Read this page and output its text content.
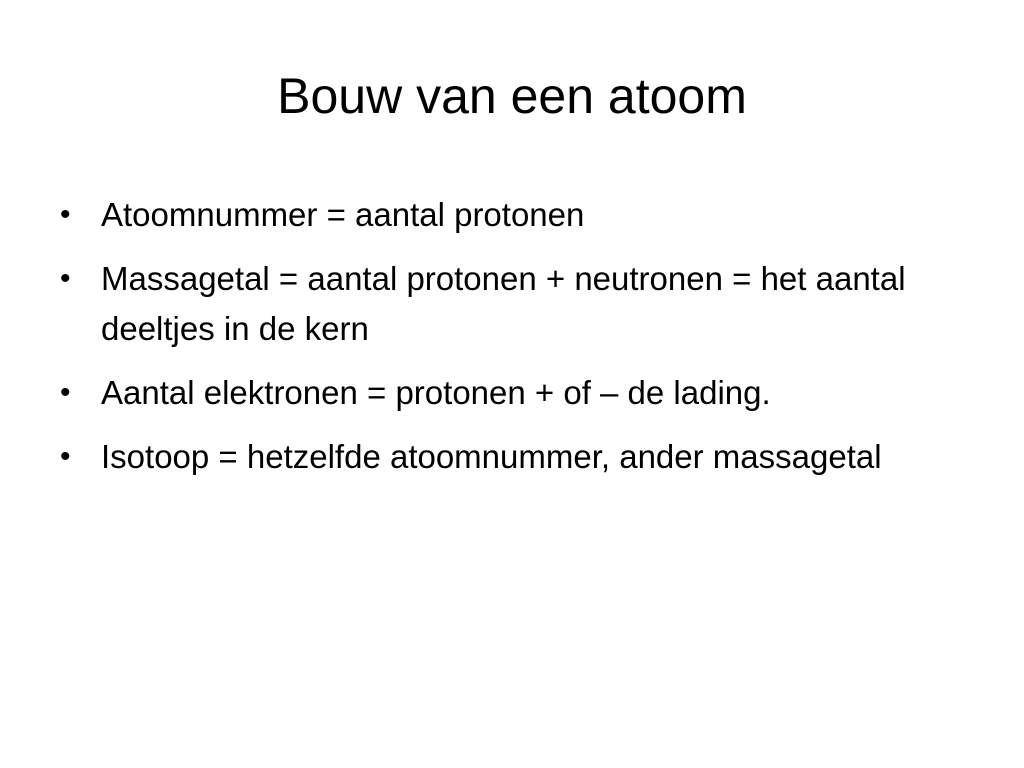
Bouw van een atoom
• Atoomnummer = aantal protonen
• Massagetal = aantal protonen + neutronen = het aantal deeltjes in de kern
• Aantal elektronen = protonen + of – de lading.
• Isotoop = hetzelfde atoomnummer, ander massagetal
